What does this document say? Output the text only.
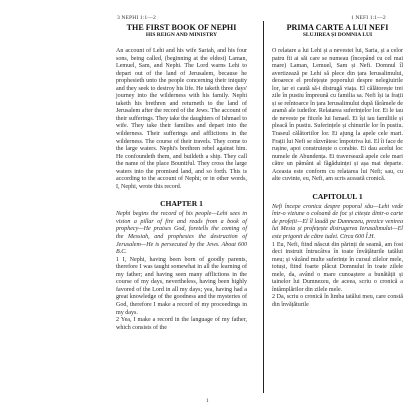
3 NEPHI 1:1—2	1 NEFI 1:1—2
THE FIRST BOOK OF NEPHI
HIS REIGN AND MINISTRY

An account of Lehi and his wife Sariah, and his four sons, being called, (beginning at the eldest) Laman, Lemuel, Sam, and Nephi. The Lord warns Lehi to depart out of the land of Jerusalem, because he prophesieth unto the people concerning their iniquity and they seek to destroy his life. He taketh three days' journey into the wilderness with his family. Nephi taketh his brethren and returneth to the land of Jerusalem after the record of the Jews. The account of their sufferings. They take the daughters of Ishmael to wife. They take their families and depart into the wilderness. Their sufferings and afflictions in the wilderness. The course of their travels. They come to the large waters. Nephi's brethren rebel against him. He confoundeth them, and buildeth a ship. They call the name of the place Bountiful. They cross the large waters into the promised land, and so forth. This is according to the account of Nephi; or in other words, I, Nephi, wrote this record.

CHAPTER 1

Nephi begins the record of his people—Lehi sees in vision a pillar of fire and reads from a book of prophecy—He praises God, foretells the coming of the Messiah, and prophesies the destruction of Jerusalem—He is persecuted by the Jews. About 600 B.C.

1 I, Nephi, having been born of goodly parents, therefore I was taught somewhat in all the learning of my father; and having seen many afflictions in the course of my days, nevertheless, having been highly favored of the Lord in all my days; yea, having had a great knowledge of the goodness and the mysteries of God, therefore I make a record of my proceedings in my days.

2 Yea, I make a record in the language of my father, which consists of the

PRIMA CARTE A LUI NEFI
SLUJIREA ȘI DOMNIA LUI

O relatare a lui Lehi și a nevestei lui, Saria, și a celor patru fii ai săi care se numeau (începând cu cel mai mare) Laman, Lemuel, Sam și Nefi. Domnul îl avertizează pe Lehi să plece din țara Ierusalimului, deoarece el profețește poporului despre nelegiuirile lor, iar ei caută să-i distrugă viața. El călătorește trei zile în pustiu împreună cu familia sa. Nefi își ia frații și se reîntoarce în țara Ierusalimului după fărâmele de aramă ale iudeilor. Relatarea suferințelor lor. Ei le iau de neveste pe fiicele lui Ismael. Ei își iau familiile și pleacă în pustiu. Suferințele și chinurile lor în pustiu. Traseul călătoriilor lor. Ei ajung la apele cele mari. Frații lui Nefi se răzvrătesc împotriva lui. El îi face de rușine, apoi construiește o corabie. Ei dau acelui loc numele de Abundența. Ei traversează apele cele mari către un pământ al făgăduinței și așa mai departe. Aceasta este conform cu relatarea lui Nefi; sau, cu alte cuvinte, eu, Nefi, am scris această cronică.

CAPITOLUL 1

Nefi începe cronica despre poporul său—Lehi vede într-o viziune o coloană de foc și citește dintr-o carte de profeții—El îl laudă pe Dumnezeu, prezice venirea lui Mesia și profețește distrugerea Ierusalimului—El este prigonit de către iudei. Circa 600 Î.H.

1 Eu, Nefi, fiind născut din părinți de seamă, am fost deci instruit întrucâtva în toate învățăturile tatălui meu; și văzând multe suferințe în cursul zilelor mele, totuși, fiind foarte plăcut Domnului în toate zilele mele, da, având o mare cunoaștere a bunătății și tainelor lui Dumnezeu, de aceea, scriu o cronică a întâmplărilor din zilele mele.

2 Da, scriu o cronică în limba tatălui meu, care constă din învățăturile

1
